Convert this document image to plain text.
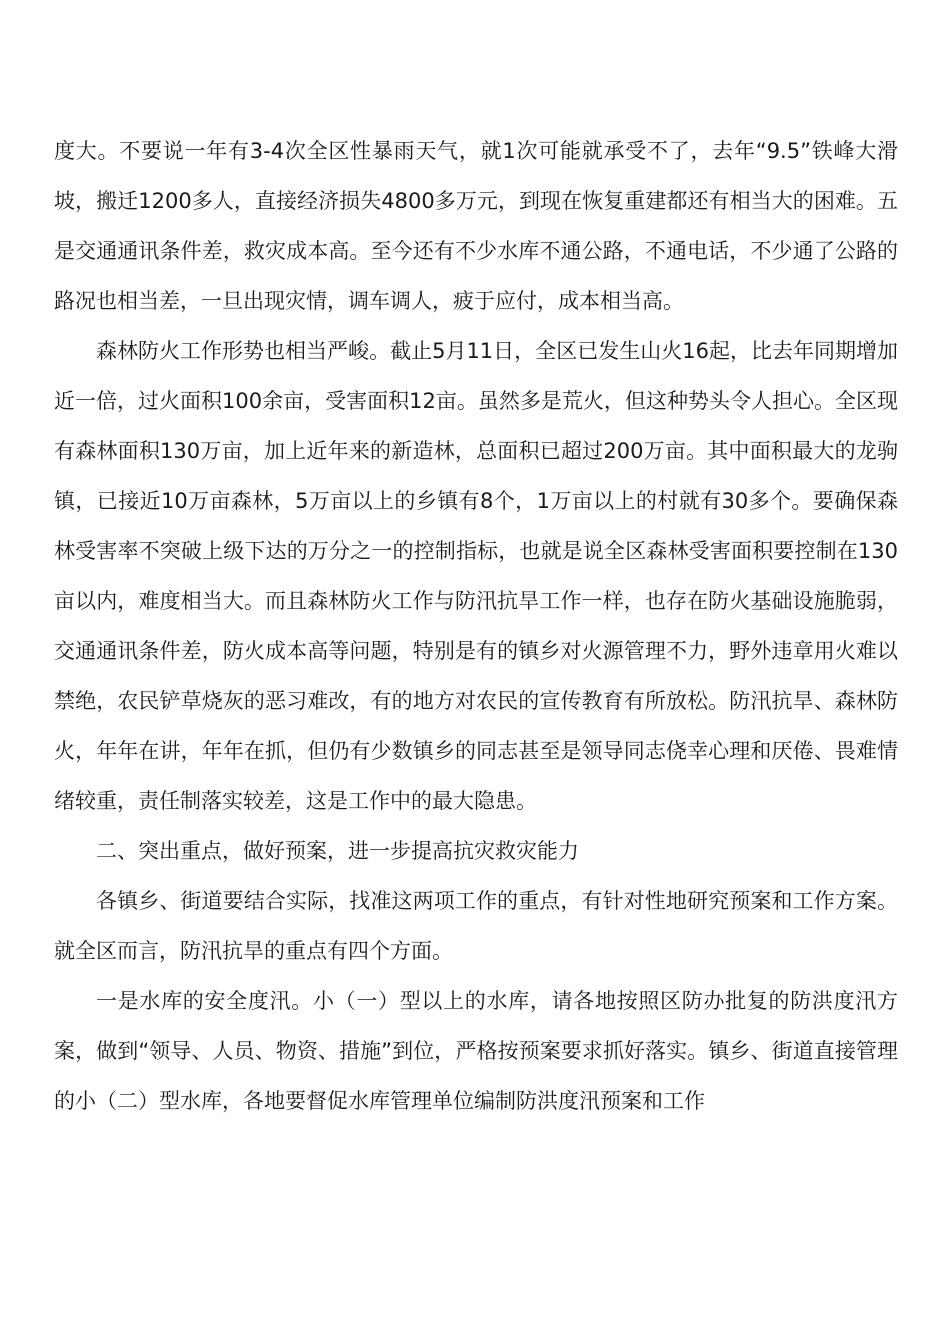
度大。不要说一年有3-4次全区性暴雨天气，就1次可能就承受不了，去年“9.5”铁峰大滑坡，搬迁1200多人，直接经济损失4800多万元，到现在恢复重建都还有相当大的困难。五是交通通讯条件差，救灾成本高。至今还有不少水库不通公路，不通电话，不少通了公路的路况也相当差，一旦出现灾情，调车调人，疲于应付，成本相当高。

森林防火工作形势也相当严峻。截止5月11日，全区已发生山火16起，比去年同期增加近一倍，过火面积100余亩，受害面积12亩。虽然多是荒火，但这种势头令人担心。全区现有森林面积130万亩，加上近年来的新造林，总面积已超过200万亩。其中面积最大的龙驹镇，已接近10万亩森林，5万亩以上的乡镇有8个，1万亩以上的村就有30多个。要确保森林受害率不突破上级下达的万分之一的控制指标，也就是说全区森林受害面积要控制在130亩以内，难度相当大。而且森林防火工作与防汛抗旱工作一样，也存在防火基础设施脆弱，交通通讯条件差，防火成本高等问题，特别是有的镇乡对火源管理不力，野外违章用火难以禁绝，农民铲草烧灰的恶习难改，有的地方对农民的宣传教育有所放松。防汛抗旱、森林防火，年年在讲，年年在抓，但仍有少数镇乡的同志甚至是领导同志侥幸心理和厌倦、畏难情绪较重，责任制落实较差，这是工作中的最大隐患。

二、突出重点，做好预案，进一步提高抗灾救灾能力

各镇乡、街道要结合实际，找准这两项工作的重点，有针对性地研究预案和工作方案。就全区而言，防汛抗旱的重点有四个方面。

一是水库的安全度汛。小（一）型以上的水库，请各地按照区防办批复的防洪度汛方案，做到“领导、人员、物资、措施”到位，严格按预案要求抓好落实。镇乡、街道直接管理的小（二）型水库，各地要督促水库管理单位编制防洪度汛预案和工作
